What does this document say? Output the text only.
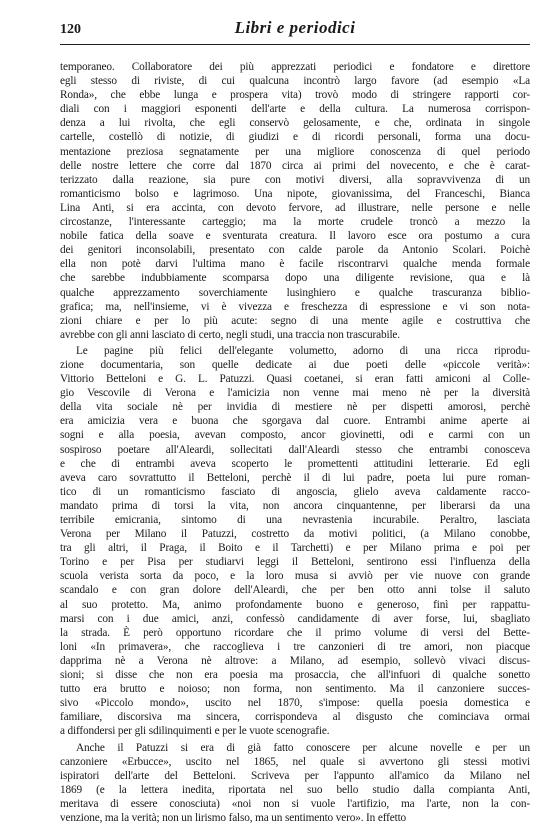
120	Libri e periodici
temporaneo. Collaboratore dei più apprezzati periodici e fondatore e direttore
egli stesso di riviste, di cui qualcuna incontrò largo favore (ad esempio «La
Ronda», che ebbe lunga e prospera vita) trovò modo di stringere rapporti cor-
diali con i maggiori esponenti dell'arte e della cultura. La numerosa corrispon-
denza a lui rivolta, che egli conservò gelosamente, e che, ordinata in singole
cartelle, costellò di notizie, di giudizi e di ricordi personali, forma una docu-
mentazione preziosa segnatamente per una migliore conoscenza di quel periodo
delle nostre lettere che corre dal 1870 circa ai primi del novecento, e che è carat-
terizzato dalla reazione, sia pure con motivi diversi, alla sopravvivenza di un
romanticismo bolso e lagrimoso. Una nipote, giovanissima, del Franceschi, Bianca
Lina Anti, si era accinta, con devoto fervore, ad illustrare, nelle persone e nelle
circostanze, l'interessante carteggio; ma la morte crudele troncò a mezzo la
nobile fatica della soave e sventurata creatura. Il lavoro esce ora postumo a cura
dei genitori inconsolabili, presentato con calde parole da Antonio Scolari. Poichè
ella non potè darvi l'ultima mano è facile riscontrarvi qualche menda formale
che sarebbe indubbiamente scomparsa dopo una diligente revisione, qua e là
qualche apprezzamento soverchiamente lusinghiero e qualche trascuranza biblio-
grafica; ma, nell'insieme, vi è vivezza e freschezza di espressione e vi son nota-
zioni chiare e per lo più acute: segno di una mente agile e costruttiva che
avrebbe con gli anni lasciato di certo, negli studi, una traccia non trascurabile.
Le pagine più felici dell'elegante volumetto, adorno di una ricca riprodu-
zione documentaria, son quelle dedicate ai due poeti delle «piccole verità»:
Vittorio Betteloni e G. L. Patuzzi. Quasi coetanei, si eran fatti amiconi al Colle-
gio Vescovile di Verona e l'amicizia non venne mai meno nè per la diversità
della vita sociale nè per invidia di mestiere nè per dispetti amorosi, perchè
era amicizia vera e buona che sgorgava dal cuore. Entrambi anime aperte ai
sogni e alla poesia, avevan composto, ancor giovinetti, odi e carmi con un
sospiroso poetare all'Aleardi, sollecitati dall'Aleardi stesso che entrambi conosceva
e che di entrambi aveva scoperto le promettenti attitudini letterarie. Ed egli
aveva caro sovrattutto il Betteloni, perchè il di lui padre, poeta lui pure roman-
tico di un romanticismo fasciato di angoscia, glielo aveva caldamente racco-
mandato prima di torsi la vita, non ancora cinquantenne, per liberarsi da una
terribile emicrania, sintomo di una nevrastenia incurabile. Peraltro, lasciata
Verona per Milano il Patuzzi, costretto da motivi politici, (a Milano conobbe,
tra gli altri, il Praga, il Boito e il Tarchetti) e per Milano prima e poi per
Torino e per Pisa per studiarvi leggi il Betteloni, sentirono essi l'influenza della
scuola verista sorta da poco, e la loro musa si avviò per vie nuove con grande
scandalo e con gran dolore dell'Aleardi, che per ben otto anni tolse il saluto
al suo protetto. Ma, animo profondamente buono e generoso, finì per rappattu-
marsi con i due amici, anzi, confessò candidamente di aver forse, lui, sbagliato
la strada. È però opportuno ricordare che il primo volume di versi del Bette-
loni «In primavera», che raccoglieva i tre canzonieri di tre amori, non piacque
dapprima nè a Verona nè altrove: a Milano, ad esempio, sollevò vivaci discus-
sioni; si disse che non era poesia ma prosaccia, che all'infuori di qualche sonetto
tutto era brutto e noioso; non forma, non sentimento. Ma il canzoniere succes-
sivo «Piccolo mondo», uscito nel 1870, s'impose: quella poesia domestica e
familiare, discorsiva ma sincera, corrispondeva al disgusto che cominciava ormai
a diffondersi per gli sdilinquimenti e per le vuote scenografie.
Anche il Patuzzi si era di già fatto conoscere per alcune novelle e per un
canzoniere «Erbucce», uscito nel 1865, nel quale si avvertono gli stessi motivi
ispiratori dell'arte del Betteloni. Scriveva per l'appunto all'amico da Milano nel
1869 (e la lettera inedita, riportata nel suo bello studio dalla compianta Anti,
meritava di essere conosciuta) «noi non si vuole l'artifizio, ma l'arte, non la con-
venzione, ma la verità; non un lirismo falso, ma un sentimento vero». In effetto
